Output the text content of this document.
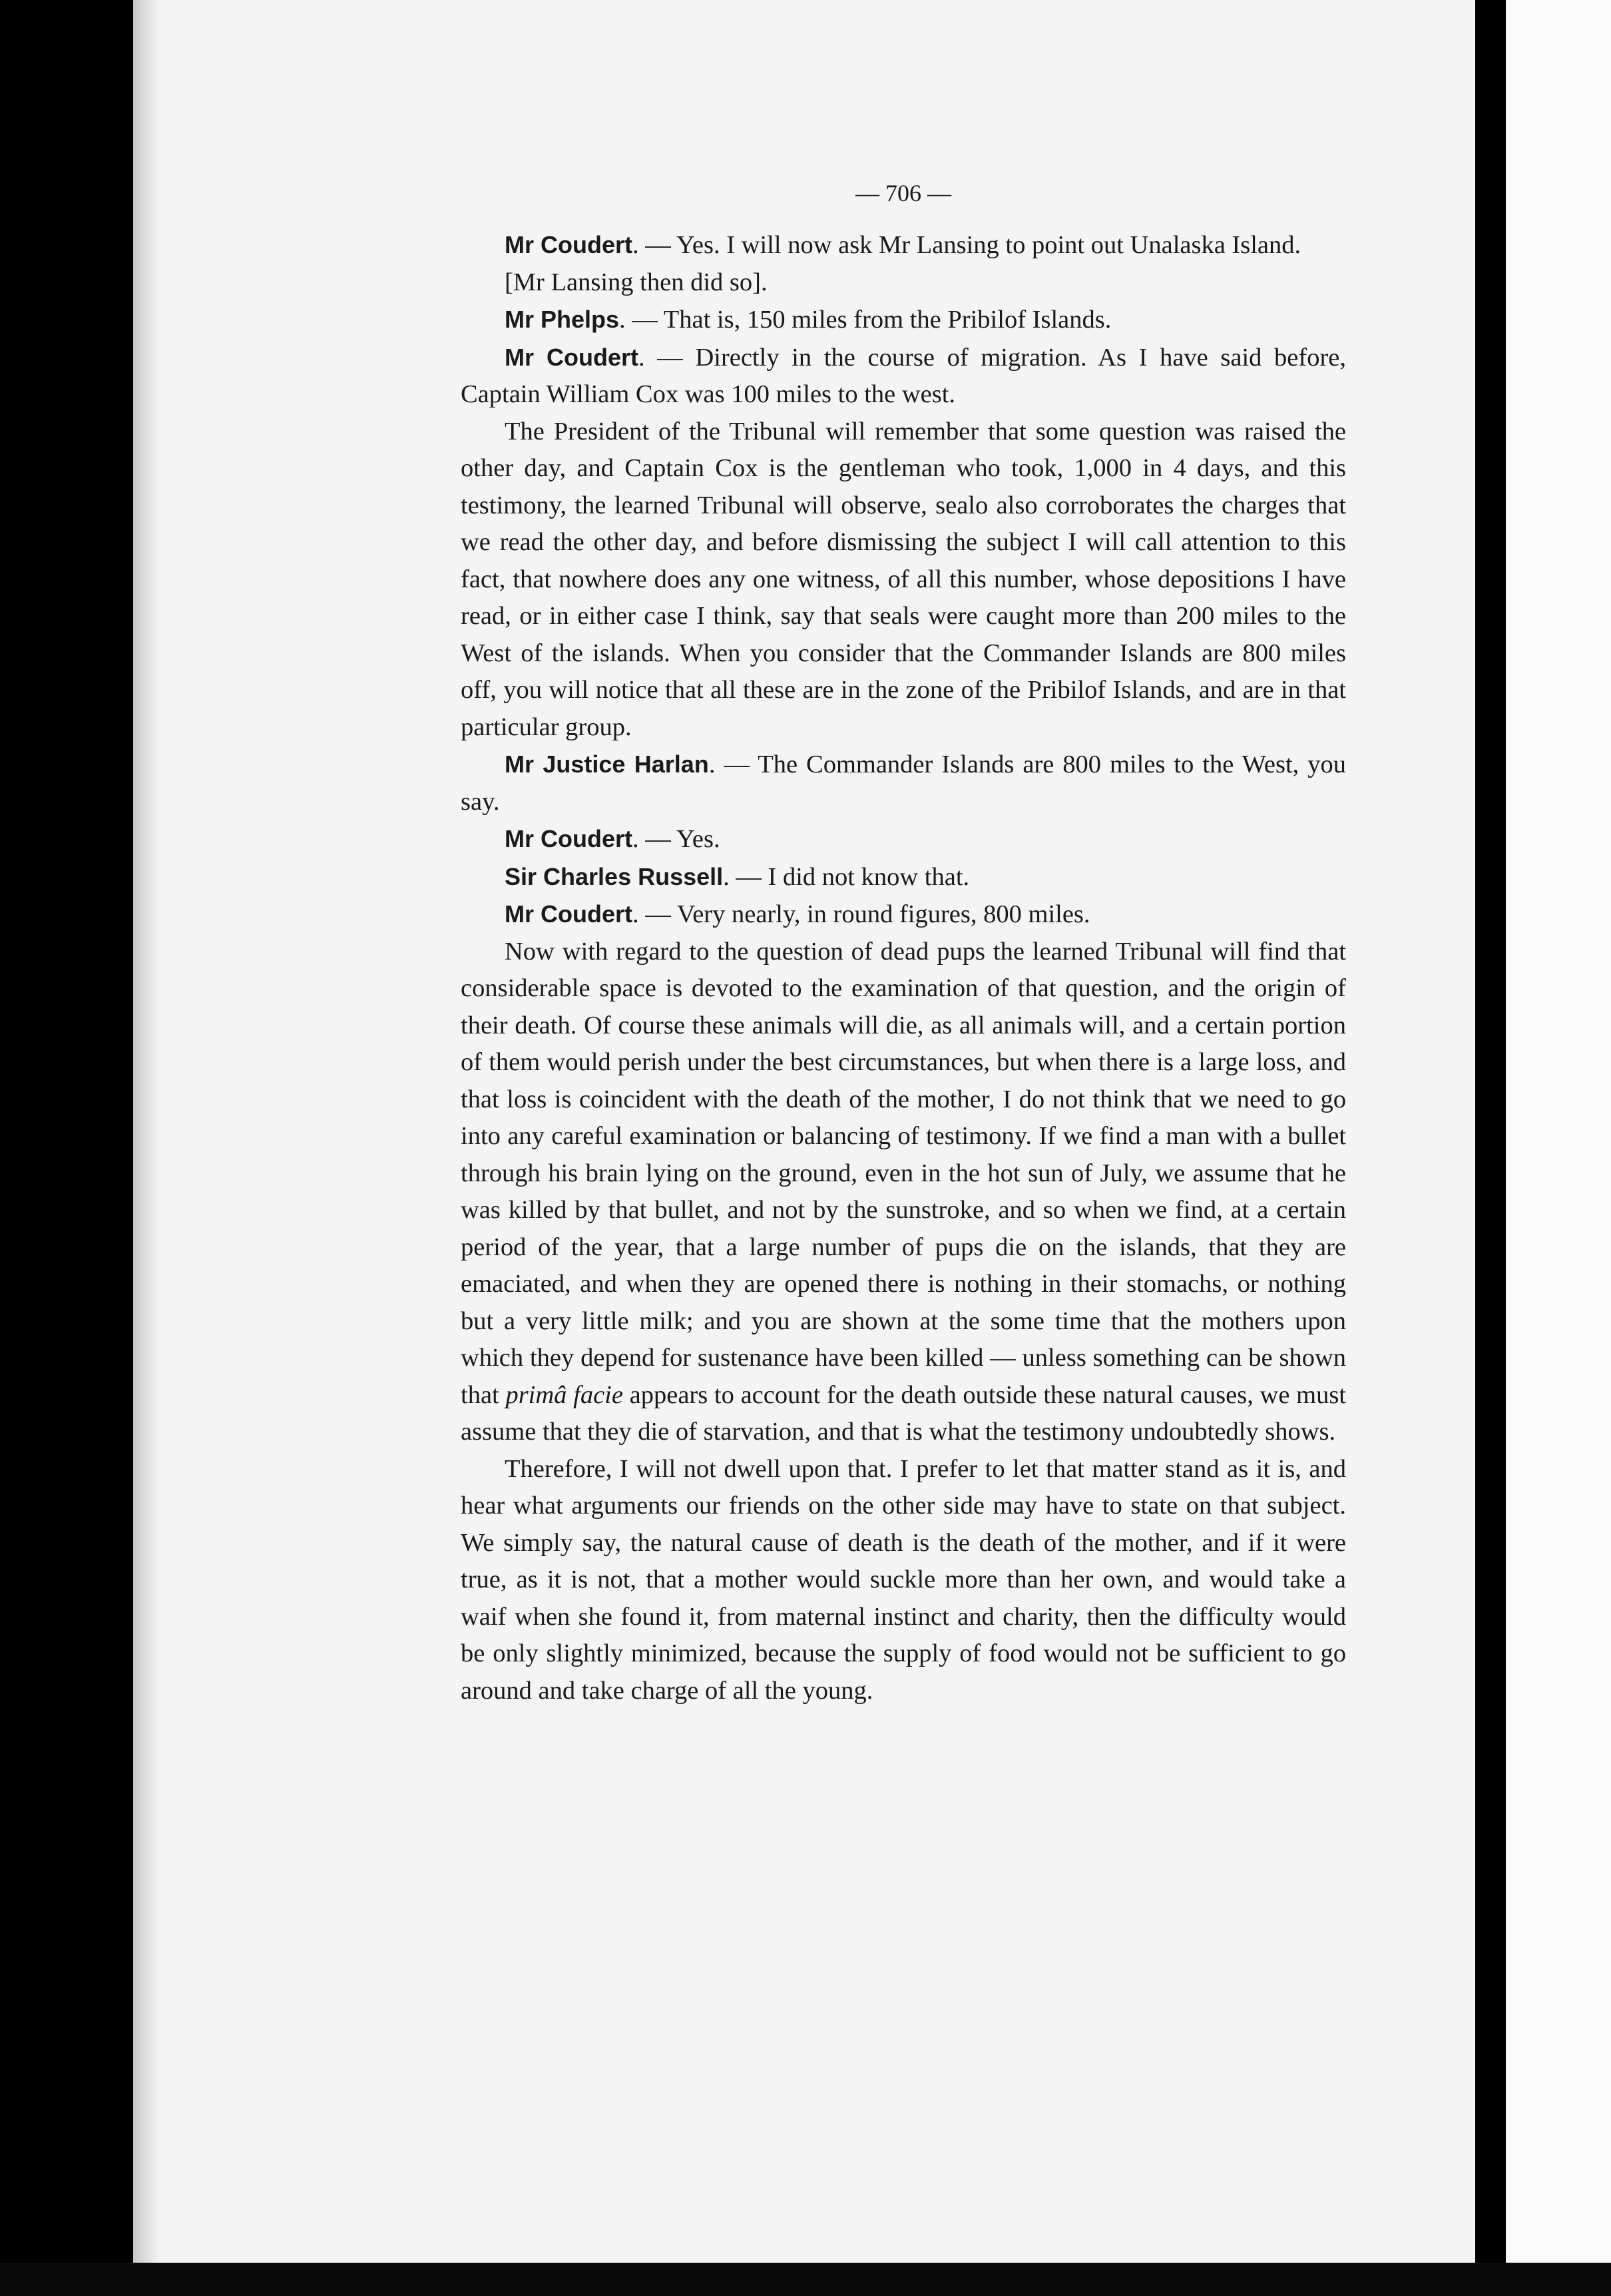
— 706 —

Mr Coudert. — Yes. I will now ask Mr Lansing to point out Unalaska Island.

[Mr Lansing then did so].

Mr Phelps. — That is, 150 miles from the Pribilof Islands.

Mr Coudert. — Directly in the course of migration. As I have said before, Captain William Cox was 100 miles to the west.

The President of the Tribunal will remember that some question was raised the other day, and Captain Cox is the gentleman who took, 1,000 in 4 days, and this testimony, the learned Tribunal will observe, sealo also corroborates the charges that we read the other day, and before dismissing the subject I will call attention to this fact, that nowhere does any one witness, of all this number, whose depositions I have read, or in either case I think, say that seals were caught more than 200 miles to the West of the islands. When you consider that the Commander Islands are 800 miles off, you will notice that all these are in the zone of the Pribilof Islands, and are in that particular group.

Mr Justice Harlan. — The Commander Islands are 800 miles to the West, you say.

Mr Coudert. — Yes.

Sir Charles Russell. — I did not know that.

Mr Coudert. — Very nearly, in round figures, 800 miles.

Now with regard to the question of dead pups the learned Tribunal will find that considerable space is devoted to the examination of that question, and the origin of their death. Of course these animals will die, as all animals will, and a certain portion of them would perish under the best circumstances, but when there is a large loss, and that loss is coincident with the death of the mother, I do not think that we need to go into any careful examination or balancing of testimony. If we find a man with a bullet through his brain lying on the ground, even in the hot sun of July, we assume that he was killed by that bullet, and not by the sunstroke, and so when we find, at a certain period of the year, that a large number of pups die on the islands, that they are emaciated, and when they are opened there is nothing in their stomachs, or nothing but a very little milk; and you are shown at the some time that the mothers upon which they depend for sustenance have been killed — unless something can be shown that primâ facie appears to account for the death outside these natural causes, we must assume that they die of starvation, and that is what the testimony undoubtedly shows.

Therefore, I will not dwell upon that. I prefer to let that matter stand as it is, and hear what arguments our friends on the other side may have to state on that subject. We simply say, the natural cause of death is the death of the mother, and if it were true, as it is not, that a mother would suckle more than her own, and would take a waif when she found it, from maternal instinct and charity, then the difficulty would be only slightly minimized, because the supply of food would not be sufficient to go around and take charge of all the young.
